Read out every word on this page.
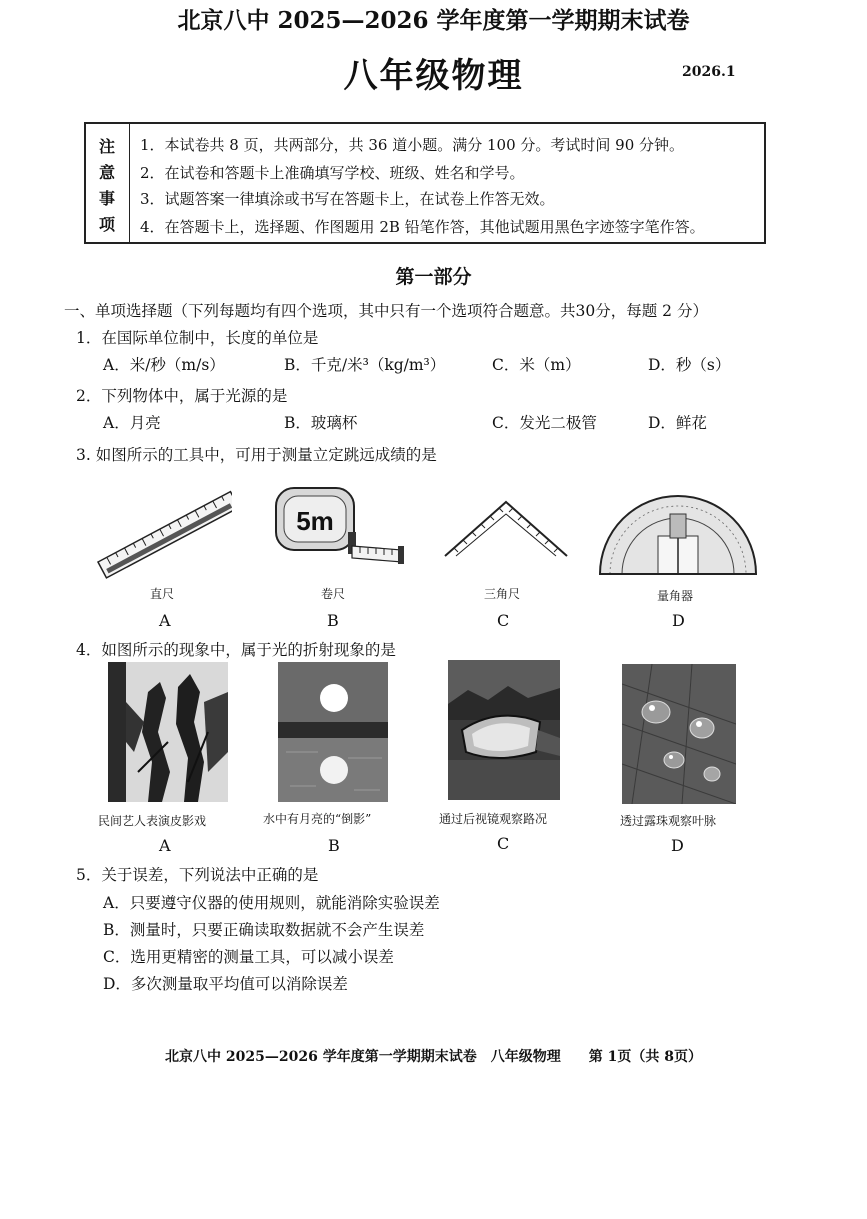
北京八中 2025—2026 学年度第一学期期末试卷
八年级物理	2026.1
注
意
事
项
1．本试卷共 8 页，共两部分，共 36 道小题。满分 100 分。考试时间 90 分钟。
2．在试卷和答题卡上准确填写学校、班级、姓名和学号。
3．试题答案一律填涂或书写在答题卡上，在试卷上作答无效。
4．在答题卡上，选择题、作图题用 2B 铅笔作答，其他试题用黑色字迹签字笔作答。
第一部分
一、单项选择题（下列每题均有四个选项，其中只有一个选项符合题意。共30分，每题 2 分）
1．在国际单位制中，长度的单位是
A．米/秒（m/s）	B．千克/米³（kg/m³）	C．米（m）	D．秒（s）
2．下列物体中，属于光源的是
A．月亮	B．玻璃杯	C．发光二极管	D．鲜花
3. 如图所示的工具中，可用于测量立定跳远成绩的是
直尺
A
5m
卷尺
B
三角尺
C
量角器
D
4．如图所示的现象中，属于光的折射现象的是
民间艺人表演皮影戏
A
水中有月亮的“倒影”
B
通过后视镜观察路况
C
透过露珠观察叶脉
D
5．关于误差，下列说法中正确的是
A．只要遵守仪器的使用规则，就能消除实验误差
B．测量时，只要正确读取数据就不会产生误差
C．选用更精密的测量工具，可以减小误差
D．多次测量取平均值可以消除误差
北京八中 2025—2026 学年度第一学期期末试卷　八年级物理　　第 1页（共 8页）
